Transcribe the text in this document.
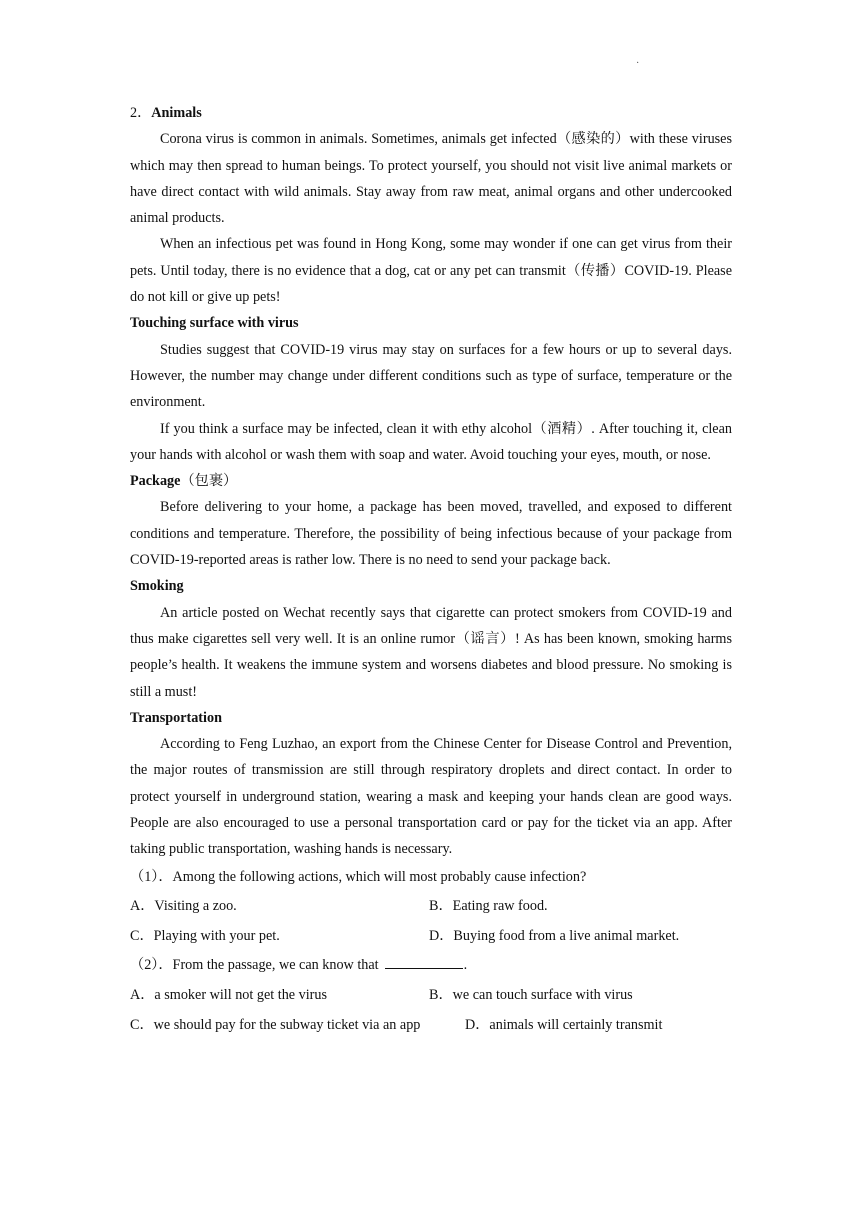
·

2．Animals

Corona virus is common in animals. Sometimes, animals get infected（感染的）with these viruses which may then spread to human beings. To protect yourself, you should not visit live animal markets or have direct contact with wild animals. Stay away from raw meat, animal organs and other undercooked animal products.

When an infectious pet was found in Hong Kong, some may wonder if one can get virus from their pets. Until today, there is no evidence that a dog, cat or any pet can transmit（传播）COVID-19. Please do not kill or give up pets!

Touching surface with virus

Studies suggest that COVID-19 virus may stay on surfaces for a few hours or up to several days. However, the number may change under different conditions such as type of surface, temperature or the environment.

If you think a surface may be infected, clean it with ethy alcohol（酒精）. After touching it, clean your hands with alcohol or wash them with soap and water. Avoid touching your eyes, mouth, or nose.

Package（包裹）

Before delivering to your home, a package has been moved, travelled, and exposed to different conditions and temperature. Therefore, the possibility of being infectious because of your package from COVID-19-reported areas is rather low. There is no need to send your package back.

Smoking

An article posted on Wechat recently says that cigarette can protect smokers from COVID-19 and thus make cigarettes sell very well. It is an online rumor（谣言）! As has been known, smoking harms people’s health. It weakens the immune system and worsens diabetes and blood pressure. No smoking is still a must!

Transportation

According to Feng Luzhao, an export from the Chinese Center for Disease Control and Prevention, the major routes of transmission are still through respiratory droplets and direct contact. In order to protect yourself in underground station, wearing a mask and keeping your hands clean are good ways. People are also encouraged to use a personal transportation card or pay for the ticket via an app. After taking public transportation, washing hands is necessary.

（1）．Among the following actions, which will most probably cause infection?

A．Visiting a zoo.	B．Eating raw food.
C．Playing with your pet.	D．Buying food from a live animal market.

（2）．From the passage, we can know that	.

A．a smoker will not get the virus	B．we can touch surface with virus
C．we should pay for the subway ticket via an app	D．animals will certainly transmit
